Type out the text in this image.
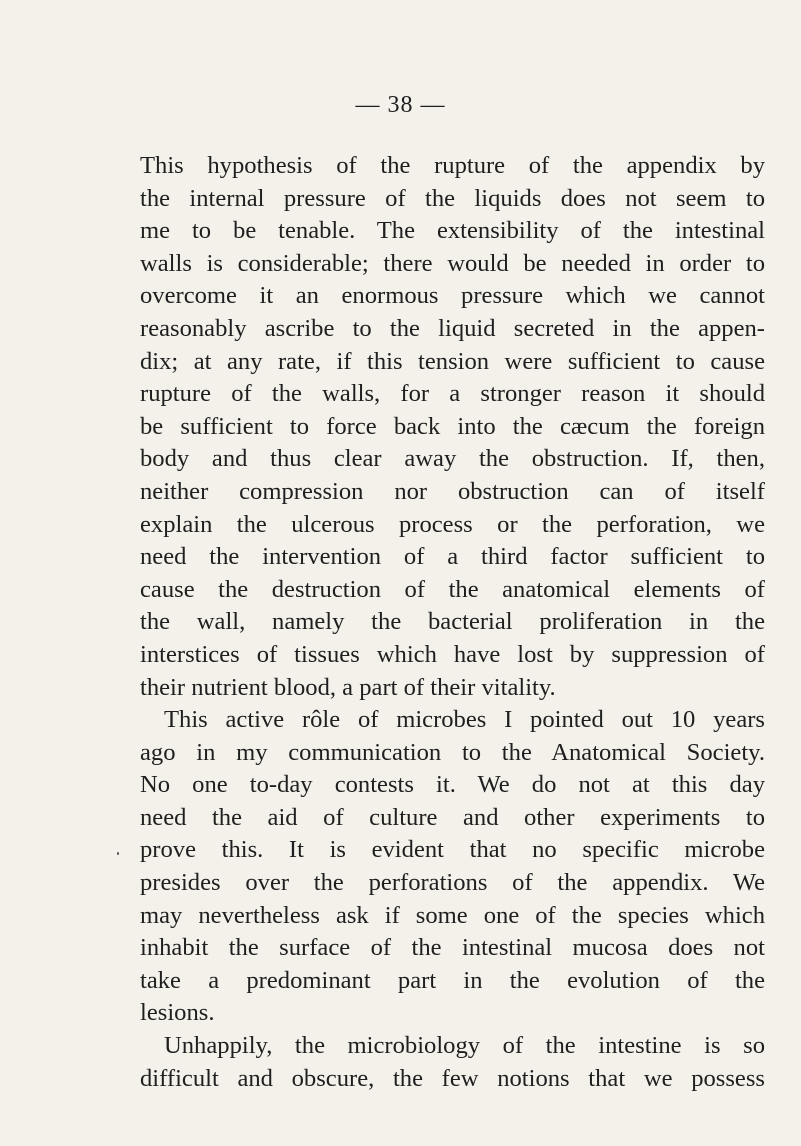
— 38 —
This hypothesis of the rupture of the appendix by
the internal pressure of the liquids does not seem to
me to be tenable. The extensibility of the intestinal
walls is considerable; there would be needed in order to
overcome it an enormous pressure which we cannot
reasonably ascribe to the liquid secreted in the appen-
dix; at any rate, if this tension were sufficient to cause
rupture of the walls, for a stronger reason it should
be sufficient to force back into the cæcum the foreign
body and thus clear away the obstruction. If, then,
neither compression nor obstruction can of itself
explain the ulcerous process or the perforation, we
need the intervention of a third factor sufficient to
cause the destruction of the anatomical elements of
the wall, namely the bacterial proliferation in the
interstices of tissues which have lost by suppression of
their nutrient blood, a part of their vitality.
This active rôle of microbes I pointed out 10 years
ago in my communication to the Anatomical Society.
No one to-day contests it. We do not at this day
need the aid of culture and other experiments to
prove this. It is evident that no specific microbe
presides over the perforations of the appendix. We
may nevertheless ask if some one of the species which
inhabit the surface of the intestinal mucosa does not
take a predominant part in the evolution of the
lesions.
Unhappily, the microbiology of the intestine is so
difficult and obscure, the few notions that we possess
